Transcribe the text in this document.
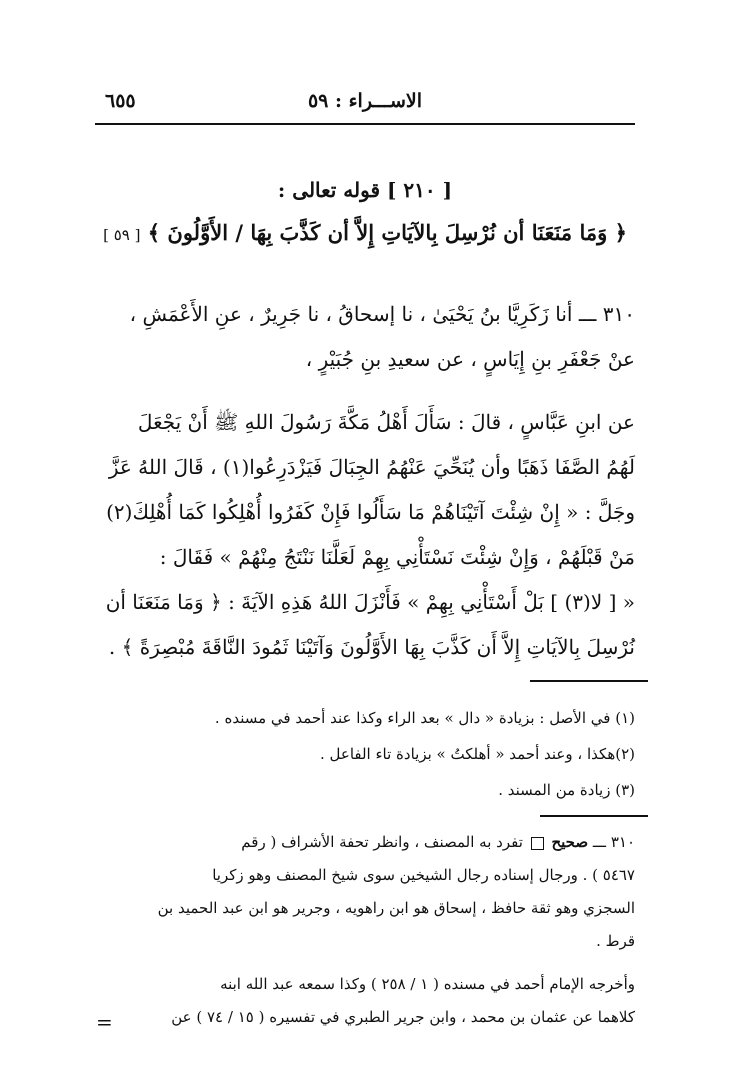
الاســـراء : ٥٩
٦٥٥
[ ٢١٠ ] قوله تعالى :
﴿ وَمَا مَنَعَنَا أن نُرْسِلَ بِالآيَاتِ إِلاَّ أن كَذَّبَ بِهَا / الأَوَّلُونَ ﴾ [ ٥٩ ]
٣١٠ ـــ أنا زَكَرِيَّا بنُ يَحْيَىٰ ، نا إسحاقُ ، نا جَرِيرٌ ، عنِ الأَعْمَشِ ،
عنْ جَعْفَرِ بنِ إِيَاسٍ ، عن سعيدِ بنِ جُبَيْرٍ ،
عن ابنِ عَبَّاسٍ ، قالَ : سَأَلَ أَهْلُ مَكَّةَ رَسُولَ اللهِ ﷺ أَنْ يَجْعَلَ
لَهُمُ الصَّفَا ذَهَبًا وأن يُنَحِّيَ عَنْهُمُ الجِبَالَ فَيَزْدَرِعُوا(١) ، قَالَ اللهُ عَزَّ
وجَلَّ : « إِنْ شِئْتَ آتَيْنَاهُمْ مَا سَأَلُوا فَإِنْ كَفَرُوا أُهْلِكُوا كَمَا أُهْلِكَ(٢)
مَنْ قَبْلَهُمْ ، وَإِنْ شِئْتَ نَسْتَأْنِي بِهِمْ لَعَلَّنَا نَنْتَجُ مِنْهُمْ » فَقَالَ :
« [ لا(٣) ] بَلْ أَسْتَأْنِي بِهِمْ » فَأَنْزَلَ اللهُ هَذِهِ الآيَةَ : ﴿ وَمَا مَنَعَنَا أن
نُرْسِلَ بِالآيَاتِ إِلاَّ أَن كَذَّبَ بِهَا الأَوَّلُونَ وَآتَيْنَا ثَمُودَ النَّاقَةَ مُبْصِرَةً ﴾ .
(١) في الأصل : بزيادة « دال » بعد الراء وكذا عند أحمد في مسنده .
(٢)هكذا ، وعند أحمد « أهلكتُ » بزيادة تاء الفاعل .
(٣) زيادة من المسند .
٣١٠ ـــ صحيح  تفرد به المصنف ، وانظر تحفة الأشراف ( رقم
٥٤٦٧ ) . ورجال إسناده رجال الشيخين سوى شيخ المصنف وهو زكريا
السجزي وهو ثقة حافظ ، إسحاق هو ابن راهويه ، وجرير هو ابن عبد الحميد بن
قرط .
وأخرجه الإمام أحمد في مسنده ( ١ / ٢٥٨ ) وكذا سمعه عبد الله ابنه
كلاهما عن عثمان بن محمد ، وابن جرير الطبري في تفسيره ( ١٥ / ٧٤ ) عن
=
